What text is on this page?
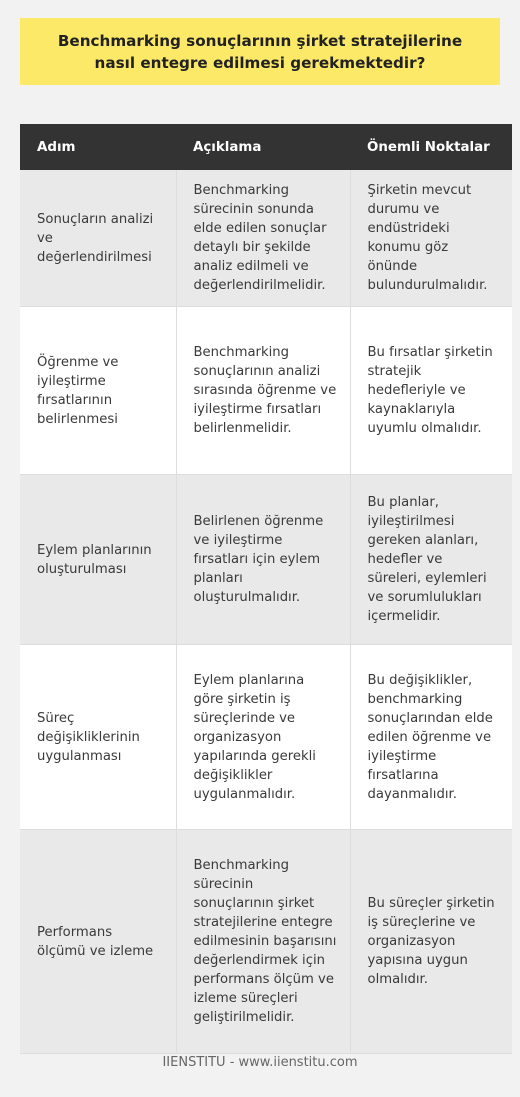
Benchmarking sonuçlarının şirket stratejilerine nasıl entegre edilmesi gerekmektedir?
Adım	Açıklama	Önemli Noktalar
Sonuçların analizi ve değerlendirilmesi	Benchmarking sürecinin sonunda elde edilen sonuçlar detaylı bir şekilde analiz edilmeli ve değerlendirilmelidir.	Şirketin mevcut durumu ve endüstrideki konumu göz önünde bulundurulmalıdır.
Öğrenme ve iyileştirme fırsatlarının belirlenmesi	Benchmarking sonuçlarının analizi sırasında öğrenme ve iyileştirme fırsatları belirlenmelidir.	Bu fırsatlar şirketin stratejik hedefleriyle ve kaynaklarıyla uyumlu olmalıdır.
Eylem planlarının oluşturulması	Belirlenen öğrenme ve iyileştirme fırsatları için eylem planları oluşturulmalıdır.	Bu planlar, iyileştirilmesi gereken alanları, hedefler ve süreleri, eylemleri ve sorumlulukları içermelidir.
Süreç değişikliklerinin uygulanması	Eylem planlarına göre şirketin iş süreçlerinde ve organizasyon yapılarında gerekli değişiklikler uygulanmalıdır.	Bu değişiklikler, benchmarking sonuçlarından elde edilen öğrenme ve iyileştirme fırsatlarına dayanmalıdır.
Performans ölçümü ve izleme	Benchmarking sürecinin sonuçlarının şirket stratejilerine entegre edilmesinin başarısını değerlendirmek için performans ölçüm ve izleme süreçleri geliştirilmelidir.	Bu süreçler şirketin iş süreçlerine ve organizasyon yapısına uygun olmalıdır.
IIENSTITU - www.iienstitu.com
